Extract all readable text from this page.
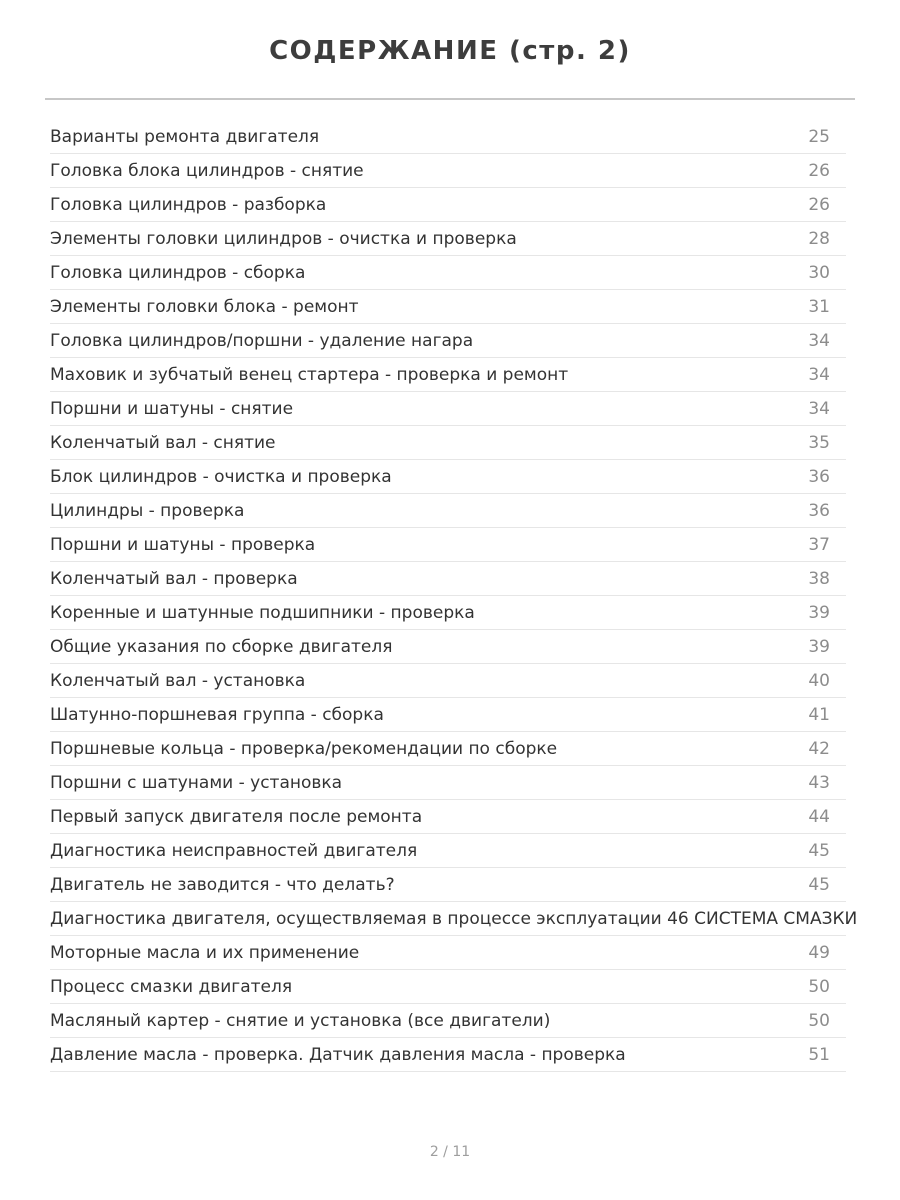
СОДЕРЖАНИЕ (стр. 2)
Варианты ремонта двигателя	25
Головка блока цилиндров - снятие	26
Головка цилиндров - разборка	26
Элементы головки цилиндров - очистка и проверка	28
Головка цилиндров - сборка	30
Элементы головки блока - ремонт	31
Головка цилиндров/поршни - удаление нагара	34
Маховик и зубчатый венец стартера - проверка и ремонт	34
Поршни и шатуны - снятие	34
Коленчатый вал - снятие	35
Блок цилиндров - очистка и проверка	36
Цилиндры - проверка	36
Поршни и шатуны - проверка	37
Коленчатый вал - проверка	38
Коренные и шатунные подшипники - проверка	39
Общие указания по сборке двигателя	39
Коленчатый вал - установка	40
Шатунно-поршневая группа - сборка	41
Поршневые кольца - проверка/рекомендации по сборке	42
Поршни с шатунами - установка	43
Первый запуск двигателя после ремонта	44
Диагностика неисправностей двигателя	45
Двигатель не заводится - что делать?	45
Диагностика двигателя, осуществляемая в процессе эксплуатации 46 СИСТЕМА СМАЗКИ
Моторные масла и их применение	49
Процесс смазки двигателя	50
Масляный картер - снятие и установка (все двигатели)	50
Давление масла - проверка. Датчик давления масла - проверка	51
2 / 11
